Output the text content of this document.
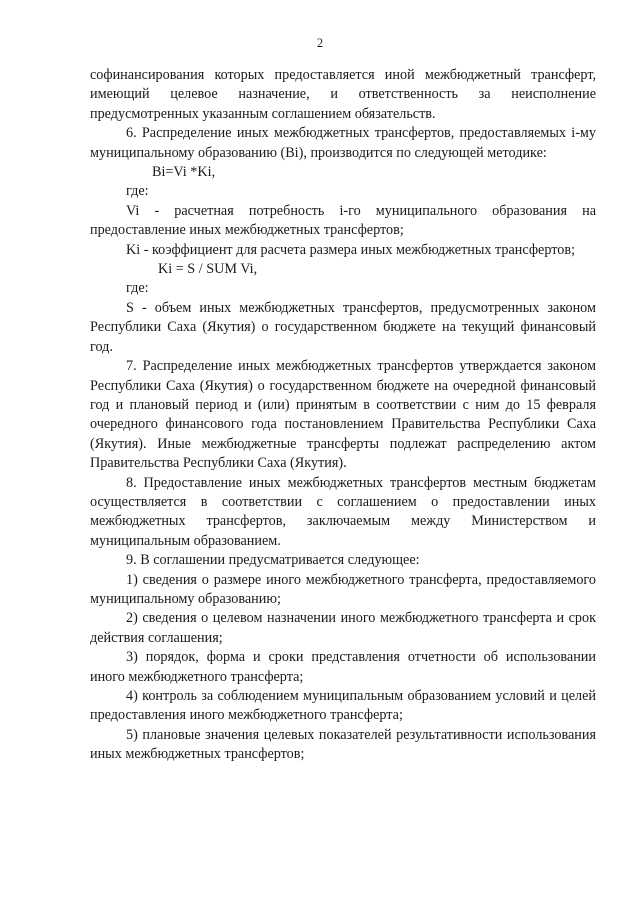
2

софинансирования которых предоставляется иной межбюджетный трансферт, имеющий целевое назначение, и ответственность за неисполнение предусмотренных указанным соглашением обязательств.

6. Распределение иных межбюджетных трансфертов, предоставляемых i-му муниципальному образованию (Bi), производится по следующей методике:

Bi=Vi *Ki,

где:

Vi - расчетная потребность i-го муниципального образования на предоставление иных межбюджетных трансфертов;

Ki - коэффициент для расчета размера иных межбюджетных трансфертов;

Ki = S / SUM Vi,

где:

S - объем иных межбюджетных трансфертов, предусмотренных законом Республики Саха (Якутия) о государственном бюджете на текущий финансовый год.

7. Распределение иных межбюджетных трансфертов утверждается законом Республики Саха (Якутия) о государственном бюджете на очередной финансовый год и плановый период и (или) принятым в соответствии с ним до 15 февраля очередного финансового года постановлением Правительства Республики Саха (Якутия). Иные межбюджетные трансферты подлежат распределению актом Правительства Республики Саха (Якутия).

8. Предоставление иных межбюджетных трансфертов местным бюджетам осуществляется в соответствии с соглашением о предоставлении иных межбюджетных трансфертов, заключаемым между Министерством и муниципальным образованием.

9. В соглашении предусматривается следующее:

1) сведения о размере иного межбюджетного трансферта, предоставляемого муниципальному образованию;

2) сведения о целевом назначении иного межбюджетного трансферта и срок действия соглашения;

3) порядок, форма и сроки представления отчетности об использовании иного межбюджетного трансферта;

4) контроль за соблюдением муниципальным образованием условий и целей предоставления иного межбюджетного трансферта;

5) плановые значения целевых показателей результативности использования иных межбюджетных трансфертов;
